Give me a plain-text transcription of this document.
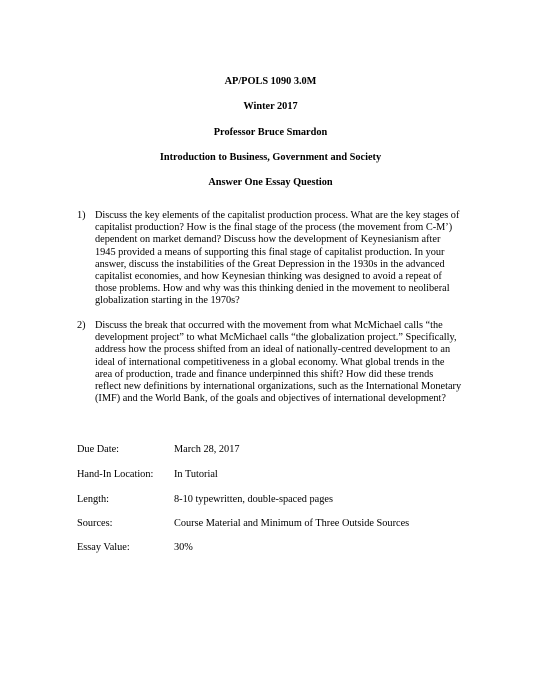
AP/POLS 1090 3.0M
Winter 2017
Professor Bruce Smardon
Introduction to Business, Government and Society
Answer One Essay Question
1) Discuss the key elements of the capitalist production process. What are the key stages of capitalist production? How is the final stage of the process (the movement from C-M’) dependent on market demand? Discuss how the development of Keynesianism after 1945 provided a means of supporting this final stage of capitalist production. In your answer, discuss the instabilities of the Great Depression in the 1930s in the advanced capitalist economies, and how Keynesian thinking was designed to avoid a repeat of those problems. How and why was this thinking denied in the movement to neoliberal globalization starting in the 1970s?
2) Discuss the break that occurred with the movement from what McMichael calls “the development project” to what McMichael calls “the globalization project.” Specifically, address how the process shifted from an ideal of nationally-centred development to an ideal of international competitiveness in a global economy. What global trends in the area of production, trade and finance underpinned this shift? How did these trends reflect new definitions by international organizations, such as the International Monetary (IMF) and the World Bank, of the goals and objectives of international development?
Due Date:	March 28, 2017
Hand-In Location: In Tutorial
Length:	8-10 typewritten, double-spaced pages
Sources:	Course Material and Minimum of Three Outside Sources
Essay Value:	30%
